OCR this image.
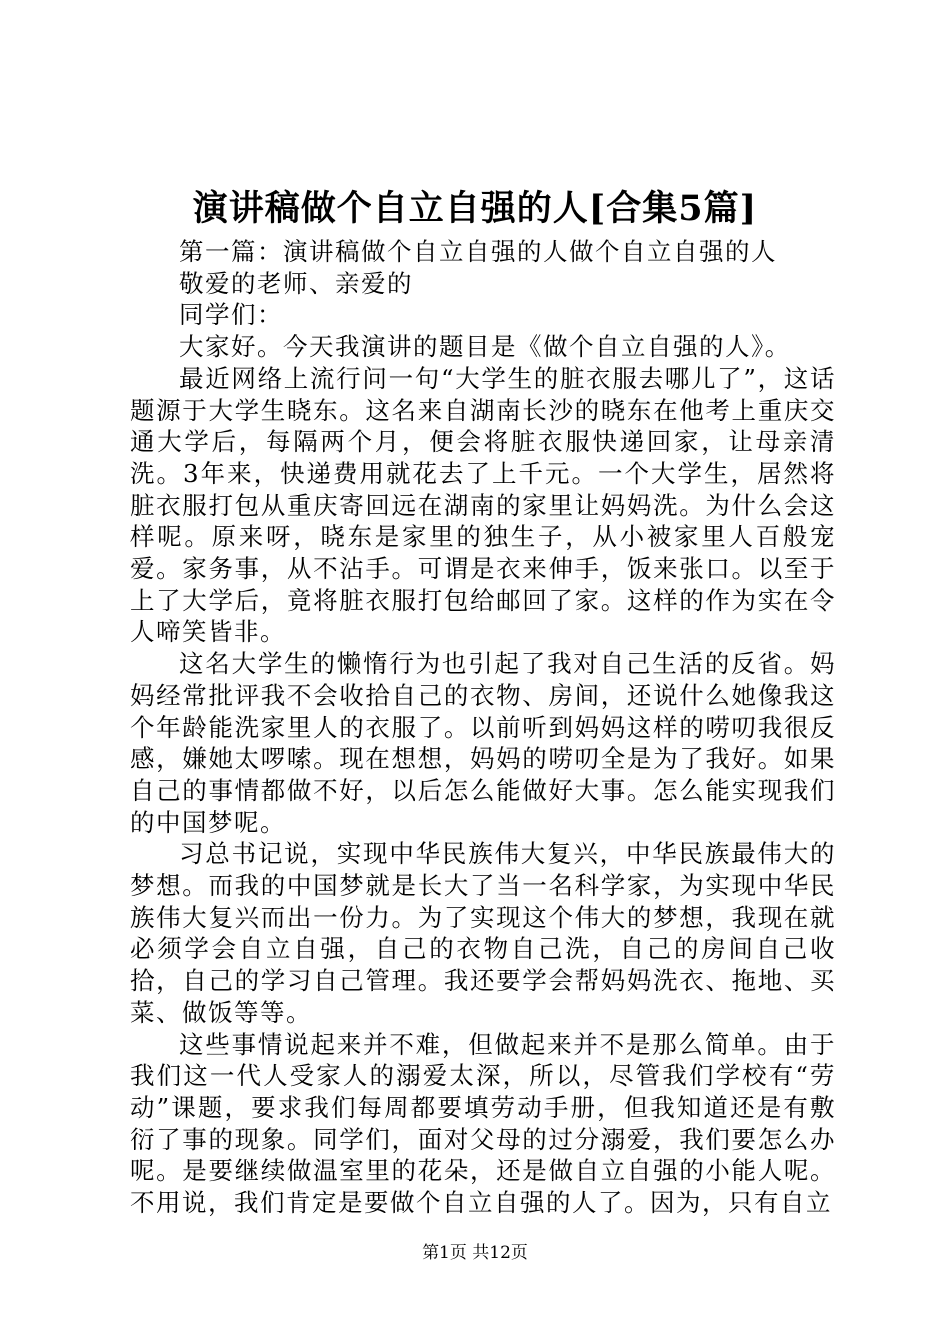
演讲稿做个自立自强的人[合集5篇]

第一篇：演讲稿做个自立自强的人做个自立自强的人

敬爱的老师、亲爱的

同学们：

大家好。今天我演讲的题目是《做个自立自强的人》。

最近网络上流行问一句“大学生的脏衣服去哪儿了”，这话题源于大学生晓东。这名来自湖南长沙的晓东在他考上重庆交通大学后，每隔两个月，便会将脏衣服快递回家，让母亲清洗。3年来，快递费用就花去了上千元。一个大学生，居然将脏衣服打包从重庆寄回远在湖南的家里让妈妈洗。为什么会这样呢。原来呀，晓东是家里的独生子，从小被家里人百般宠爱。家务事，从不沾手。可谓是衣来伸手，饭来张口。以至于上了大学后，竟将脏衣服打包给邮回了家。这样的作为实在令人啼笑皆非。

这名大学生的懒惰行为也引起了我对自己生活的反省。妈妈经常批评我不会收拾自己的衣物、房间，还说什么她像我这个年龄能洗家里人的衣服了。以前听到妈妈这样的唠叨我很反感，嫌她太啰嗦。现在想想，妈妈的唠叨全是为了我好。如果自己的事情都做不好，以后怎么能做好大事。怎么能实现我们的中国梦呢。

习总书记说，实现中华民族伟大复兴，中华民族最伟大的梦想。而我的中国梦就是长大了当一名科学家，为实现中华民族伟大复兴而出一份力。为了实现这个伟大的梦想，我现在就必须学会自立自强，自己的衣物自己洗，自己的房间自己收拾，自己的学习自己管理。我还要学会帮妈妈洗衣、拖地、买菜、做饭等等。

这些事情说起来并不难，但做起来并不是那么简单。由于我们这一代人受家人的溺爱太深，所以，尽管我们学校有“劳动”课题，要求我们每周都要填劳动手册，但我知道还是有敷衍了事的现象。同学们，面对父母的过分溺爱，我们要怎么办呢。是要继续做温室里的花朵，还是做自立自强的小能人呢。不用说，我们肯定是要做个自立自强的人了。因为，只有自立

第1页 共12页
